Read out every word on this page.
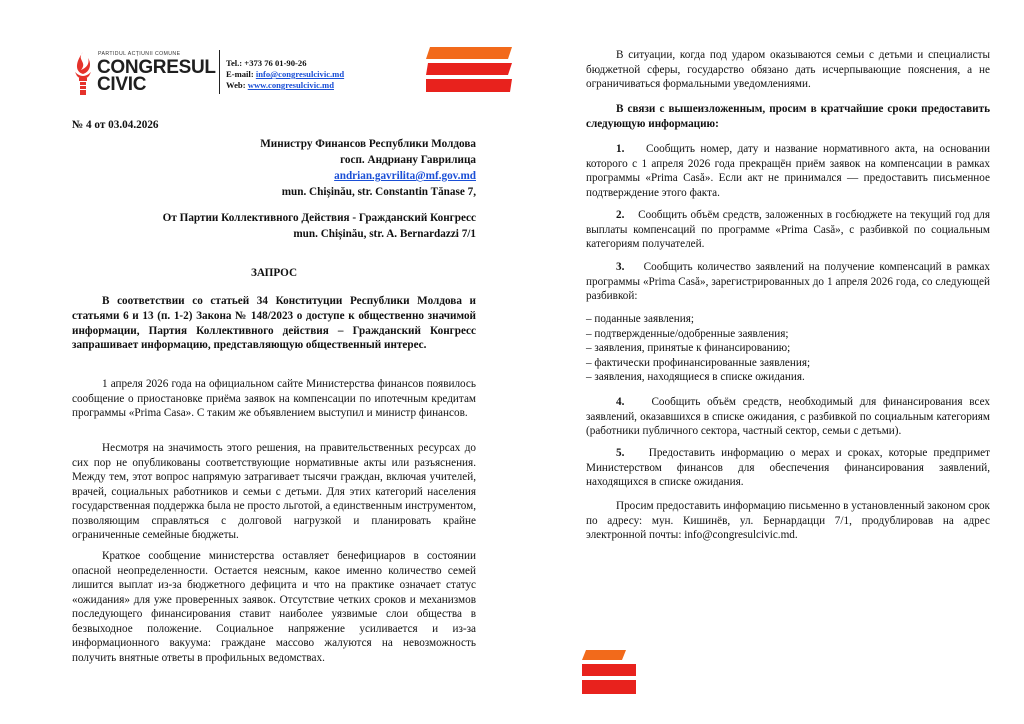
PARTIDUL ACȚIUNII COMUNE
CONGRESUL
CIVIC
Tel.: +373 76 01-90-26
E-mail: info@congresulcivic.md
Web: www.congresulcivic.md
№ 4 от 03.04.2026
Министру Финансов Республики Молдова
госп. Андриану Гаврилица
andrian.gavrilita@mf.gov.md
mun. Chișinău, str. Constantin Tănase 7,
От Партии Коллективного Действия - Гражданский Конгресс
mun. Chișinău, str. A. Bernardazzi 7/1
ЗАПРОС

В соответствии со статьей 34 Конституции Республики Молдова и статьями 6 и 13 (п. 1-2) Закона № 148/2023 о доступе к общественно значимой информации, Партия Коллективного действия – Гражданский Конгресс запрашивает информацию, представляющую общественный интерес.

1 апреля 2026 года на официальном сайте Министерства финансов появилось сообщение о приостановке приёма заявок на компенсации по ипотечным кредитам программы «Prima Casa». С таким же объявлением выступил и министр финансов.

Несмотря на значимость этого решения, на правительственных ресурсах до сих пор не опубликованы соответствующие нормативные акты или разъяснения. Между тем, этот вопрос напрямую затрагивает тысячи граждан, включая учителей, врачей, социальных работников и семьи с детьми. Для этих категорий населения государственная поддержка была не просто льготой, а единственным инструментом, позволяющим справляться с долговой нагрузкой и планировать крайне ограниченные семейные бюджеты.

Краткое сообщение министерства оставляет бенефициаров в состоянии опасной неопределенности. Остается неясным, какое именно количество семей лишится выплат из-за бюджетного дефицита и что на практике означает статус «ожидания» для уже проверенных заявок. Отсутствие четких сроков и механизмов последующего финансирования ставит наиболее уязвимые слои общества в безвыходное положение. Социальное напряжение усиливается и из-за информационного вакуума: граждане массово жалуются на невозможность получить внятные ответы в профильных ведомствах.

В ситуации, когда под ударом оказываются семьи с детьми и специалисты бюджетной сферы, государство обязано дать исчерпывающие пояснения, а не ограничиваться формальными уведомлениями.

В связи с вышеизложенным, просим в кратчайшие сроки предоставить следующую информацию:

1. Сообщить номер, дату и название нормативного акта, на основании которого с 1 апреля 2026 года прекращён приём заявок на компенсации в рамках программы «Prima Casă». Если акт не принимался — предоставить письменное подтверждение этого факта.

2. Сообщить объём средств, заложенных в госбюджете на текущий год для выплаты компенсаций по программе «Prima Casă», с разбивкой по социальным категориям получателей.

3. Сообщить количество заявлений на получение компенсаций в рамках программы «Prima Casă», зарегистрированных до 1 апреля 2026 года, со следующей разбивкой:

– поданные заявления;

– подтвержденные/одобренные заявления;

– заявления, принятые к финансированию;

– фактически профинансированные заявления;

– заявления, находящиеся в списке ожидания.

4. Сообщить объём средств, необходимый для финансирования всех заявлений, оказавшихся в списке ожидания, с разбивкой по социальным категориям (работники публичного сектора, частный сектор, семьи с детьми).

5. Предоставить информацию о мерах и сроках, которые предпримет Министерством финансов для обеспечения финансирования заявлений, находящихся в списке ожидания.

Просим предоставить информацию письменно в установленный законом срок по адресу: мун. Кишинёв, ул. Бернардацци 7/1, продублировав на адрес электронной почты: info@congresulcivic.md.
